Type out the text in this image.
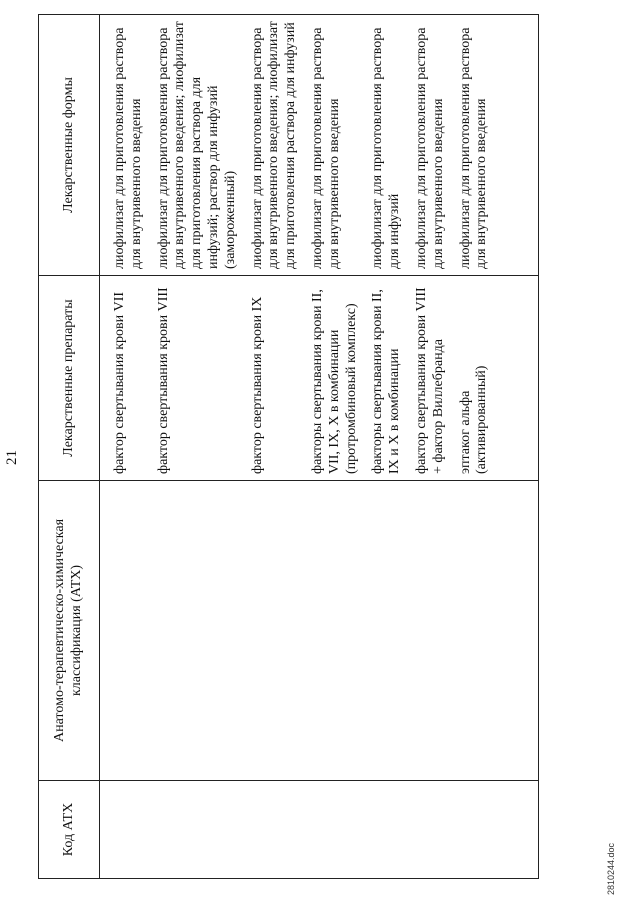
21
Код АТХ	Анатомо-терапевтическо-химическая классификация (АТХ)	Лекарственные препараты	Лекарственные формы
		фактор свертывания крови VII	лиофилизат для приготовления раствора для внутривенного введения
		фактор свертывания крови VIII	лиофилизат для приготовления раствора для внутривенного введения; лиофилизат для приготовления раствора для инфузий; раствор для инфузий (замороженный)
		фактор свертывания крови IX	лиофилизат для приготовления раствора для внутривенного введения; лиофилизат для приготовления раствора для инфузий
		факторы свертывания крови II, VII, IX, X в комбинации (протромбиновый комплекс)	лиофилизат для приготовления раствора для внутривенного введения
		факторы свертывания крови II, IX и X в комбинации	лиофилизат для приготовления раствора для инфузий
		фактор свертывания крови VIII + фактор Виллебранда	лиофилизат для приготовления раствора для внутривенного введения
		эптаког альфа (активированный)	лиофилизат для приготовления раствора для внутривенного введения
2810244.doc
